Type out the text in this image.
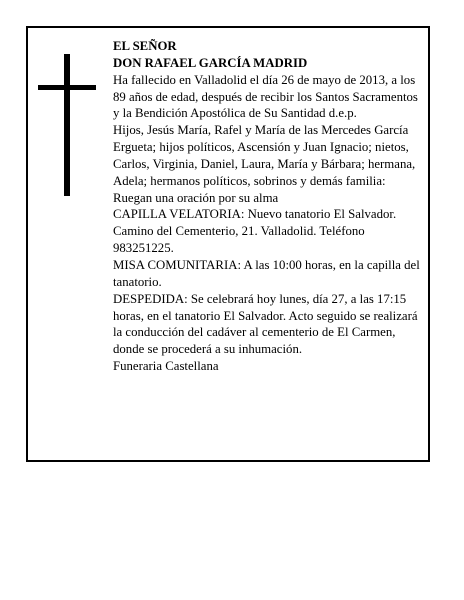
EL SEÑOR

DON RAFAEL GARCÍA MADRID

Ha fallecido en Valladolid el día 26 de mayo de 2013, a los 89 años de edad, después de recibir los Santos Sacramentos y la Bendición Apostólica de Su Santidad d.e.p.

Hijos, Jesús María, Rafel y María de las Mercedes García Ergueta; hijos políticos, Ascensión y Juan Ignacio; nietos, Carlos, Virginia, Daniel, Laura, María y Bárbara; hermana, Adela; hermanos políticos, sobrinos y demás familia:

Ruegan una oración por su alma

CAPILLA VELATORIA: Nuevo tanatorio El Salvador. Camino del Cementerio, 21. Valladolid. Teléfono 983251225.

MISA COMUNITARIA: A las 10:00 horas, en la capilla del tanatorio.

DESPEDIDA: Se celebrará hoy lunes, día 27, a las 17:15 horas, en el tanatorio El Salvador. Acto seguido se realizará la conducción del cadáver al cementerio de El Carmen, donde se procederá a su inhumación.

Funeraria Castellana
